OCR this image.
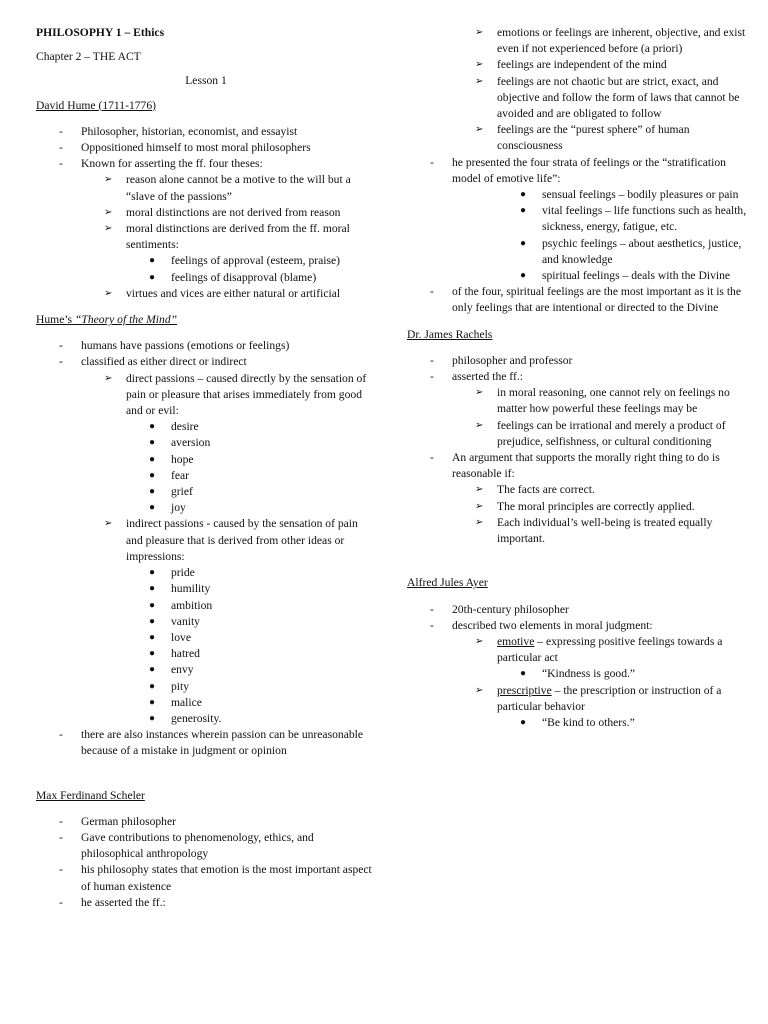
PHILOSOPHY 1 – Ethics

Chapter 2 – THE ACT

Lesson 1

David Hume (1711-1776)

- Philosopher, historian, economist, and essayist
- Oppositioned himself to most moral philosophers
- Known for asserting the ff. four theses:
➢ reason alone cannot be a motive to the will but a “slave of the passions”
➢ moral distinctions are not derived from reason
➢ moral distinctions are derived from the ff. moral sentiments:
● feelings of approval (esteem, praise)
● feelings of disapproval (blame)
➢ virtues and vices are either natural or artificial

Hume’s “Theory of the Mind”

- humans have passions (emotions or feelings)
- classified as either direct or indirect
➢ direct passions – caused directly by the sensation of pain or pleasure that arises immediately from good and or evil:
● desire
● aversion
● hope
● fear
● grief
● joy
➢ indirect passions - caused by the sensation of pain and pleasure that is derived from other ideas or impressions:
● pride
● humility
● ambition
● vanity
● love
● hatred
● envy
● pity
● malice
● generosity.
- there are also instances wherein passion can be unreasonable because of a mistake in judgment or opinion

Max Ferdinand Scheler

- German philosopher
- Gave contributions to phenomenology, ethics, and philosophical anthropology
- his philosophy states that emotion is the most important aspect of human existence
- he asserted the ff.:
➢ emotions or feelings are inherent, objective, and exist even if not experienced before (a priori)
➢ feelings are independent of the mind
➢ feelings are not chaotic but are strict, exact, and objective and follow the form of laws that cannot be avoided and are obligated to follow
➢ feelings are the “purest sphere” of human consciousness
- he presented the four strata of feelings or the “stratification model of emotive life”:
● sensual feelings – bodily pleasures or pain
● vital feelings – life functions such as health, sickness, energy, fatigue, etc.
● psychic feelings – about aesthetics, justice, and knowledge
● spiritual feelings – deals with the Divine
- of the four, spiritual feelings are the most important as it is the only feelings that are intentional or directed to the Divine

Dr. James Rachels

- philosopher and professor
- asserted the ff.:
➢ in moral reasoning, one cannot rely on feelings no matter how powerful these feelings may be
➢ feelings can be irrational and merely a product of prejudice, selfishness, or cultural conditioning
- An argument that supports the morally right thing to do is reasonable if:
➢ The facts are correct.
➢ The moral principles are correctly applied.
➢ Each individual’s well-being is treated equally important.

Alfred Jules Ayer

- 20th-century philosopher
- described two elements in moral judgment:
➢ emotive – expressing positive feelings towards a particular act
● “Kindness is good.”
➢ prescriptive – the prescription or instruction of a particular behavior
● “Be kind to others.”
